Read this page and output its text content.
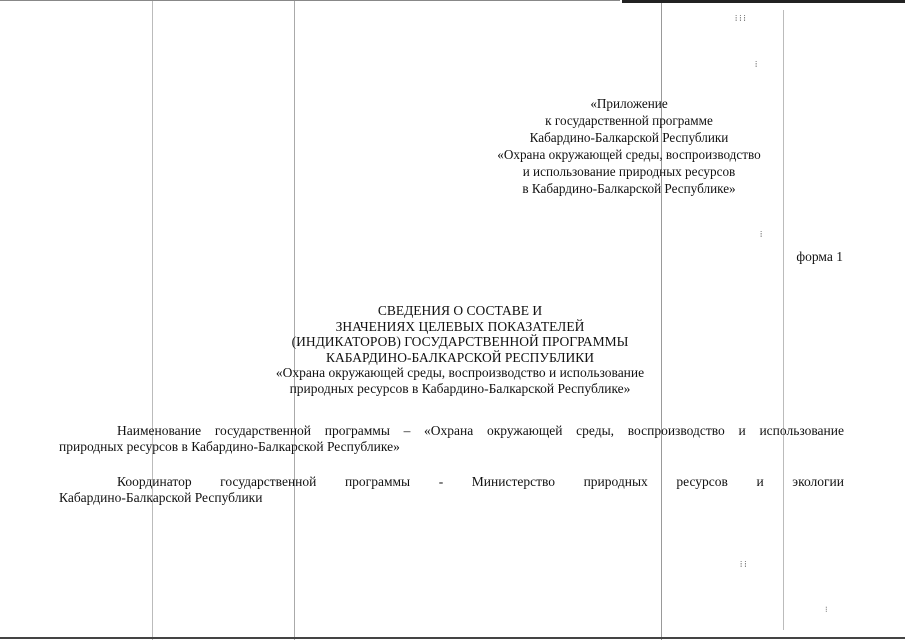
⁞ ⁞ ⁞
⁞
⁞
⁞ ⁞
⁝
«Приложение
к государственной программе
Кабардино-Балкарской Республики
«Охрана окружающей среды, воспроизводство
и использование природных ресурсов
в Кабардино-Балкарской Республике»
форма 1
СВЕДЕНИЯ О СОСТАВЕ И
ЗНАЧЕНИЯХ ЦЕЛЕВЫХ ПОКАЗАТЕЛЕЙ
(ИНДИКАТОРОВ) ГОСУДАРСТВЕННОЙ ПРОГРАММЫ
КАБАРДИНО-БАЛКАРСКОЙ РЕСПУБЛИКИ
«Охрана окружающей среды, воспроизводство и использование
природных ресурсов в Кабардино-Балкарской Республике»
Наименование государственной программы – «Охрана окружающей среды, воспроизводство и использование
природных ресурсов в Кабардино-Балкарской Республике»
Координатор государственной программы - Министерство природных ресурсов и экологии
Кабардино-Балкарской Республики
